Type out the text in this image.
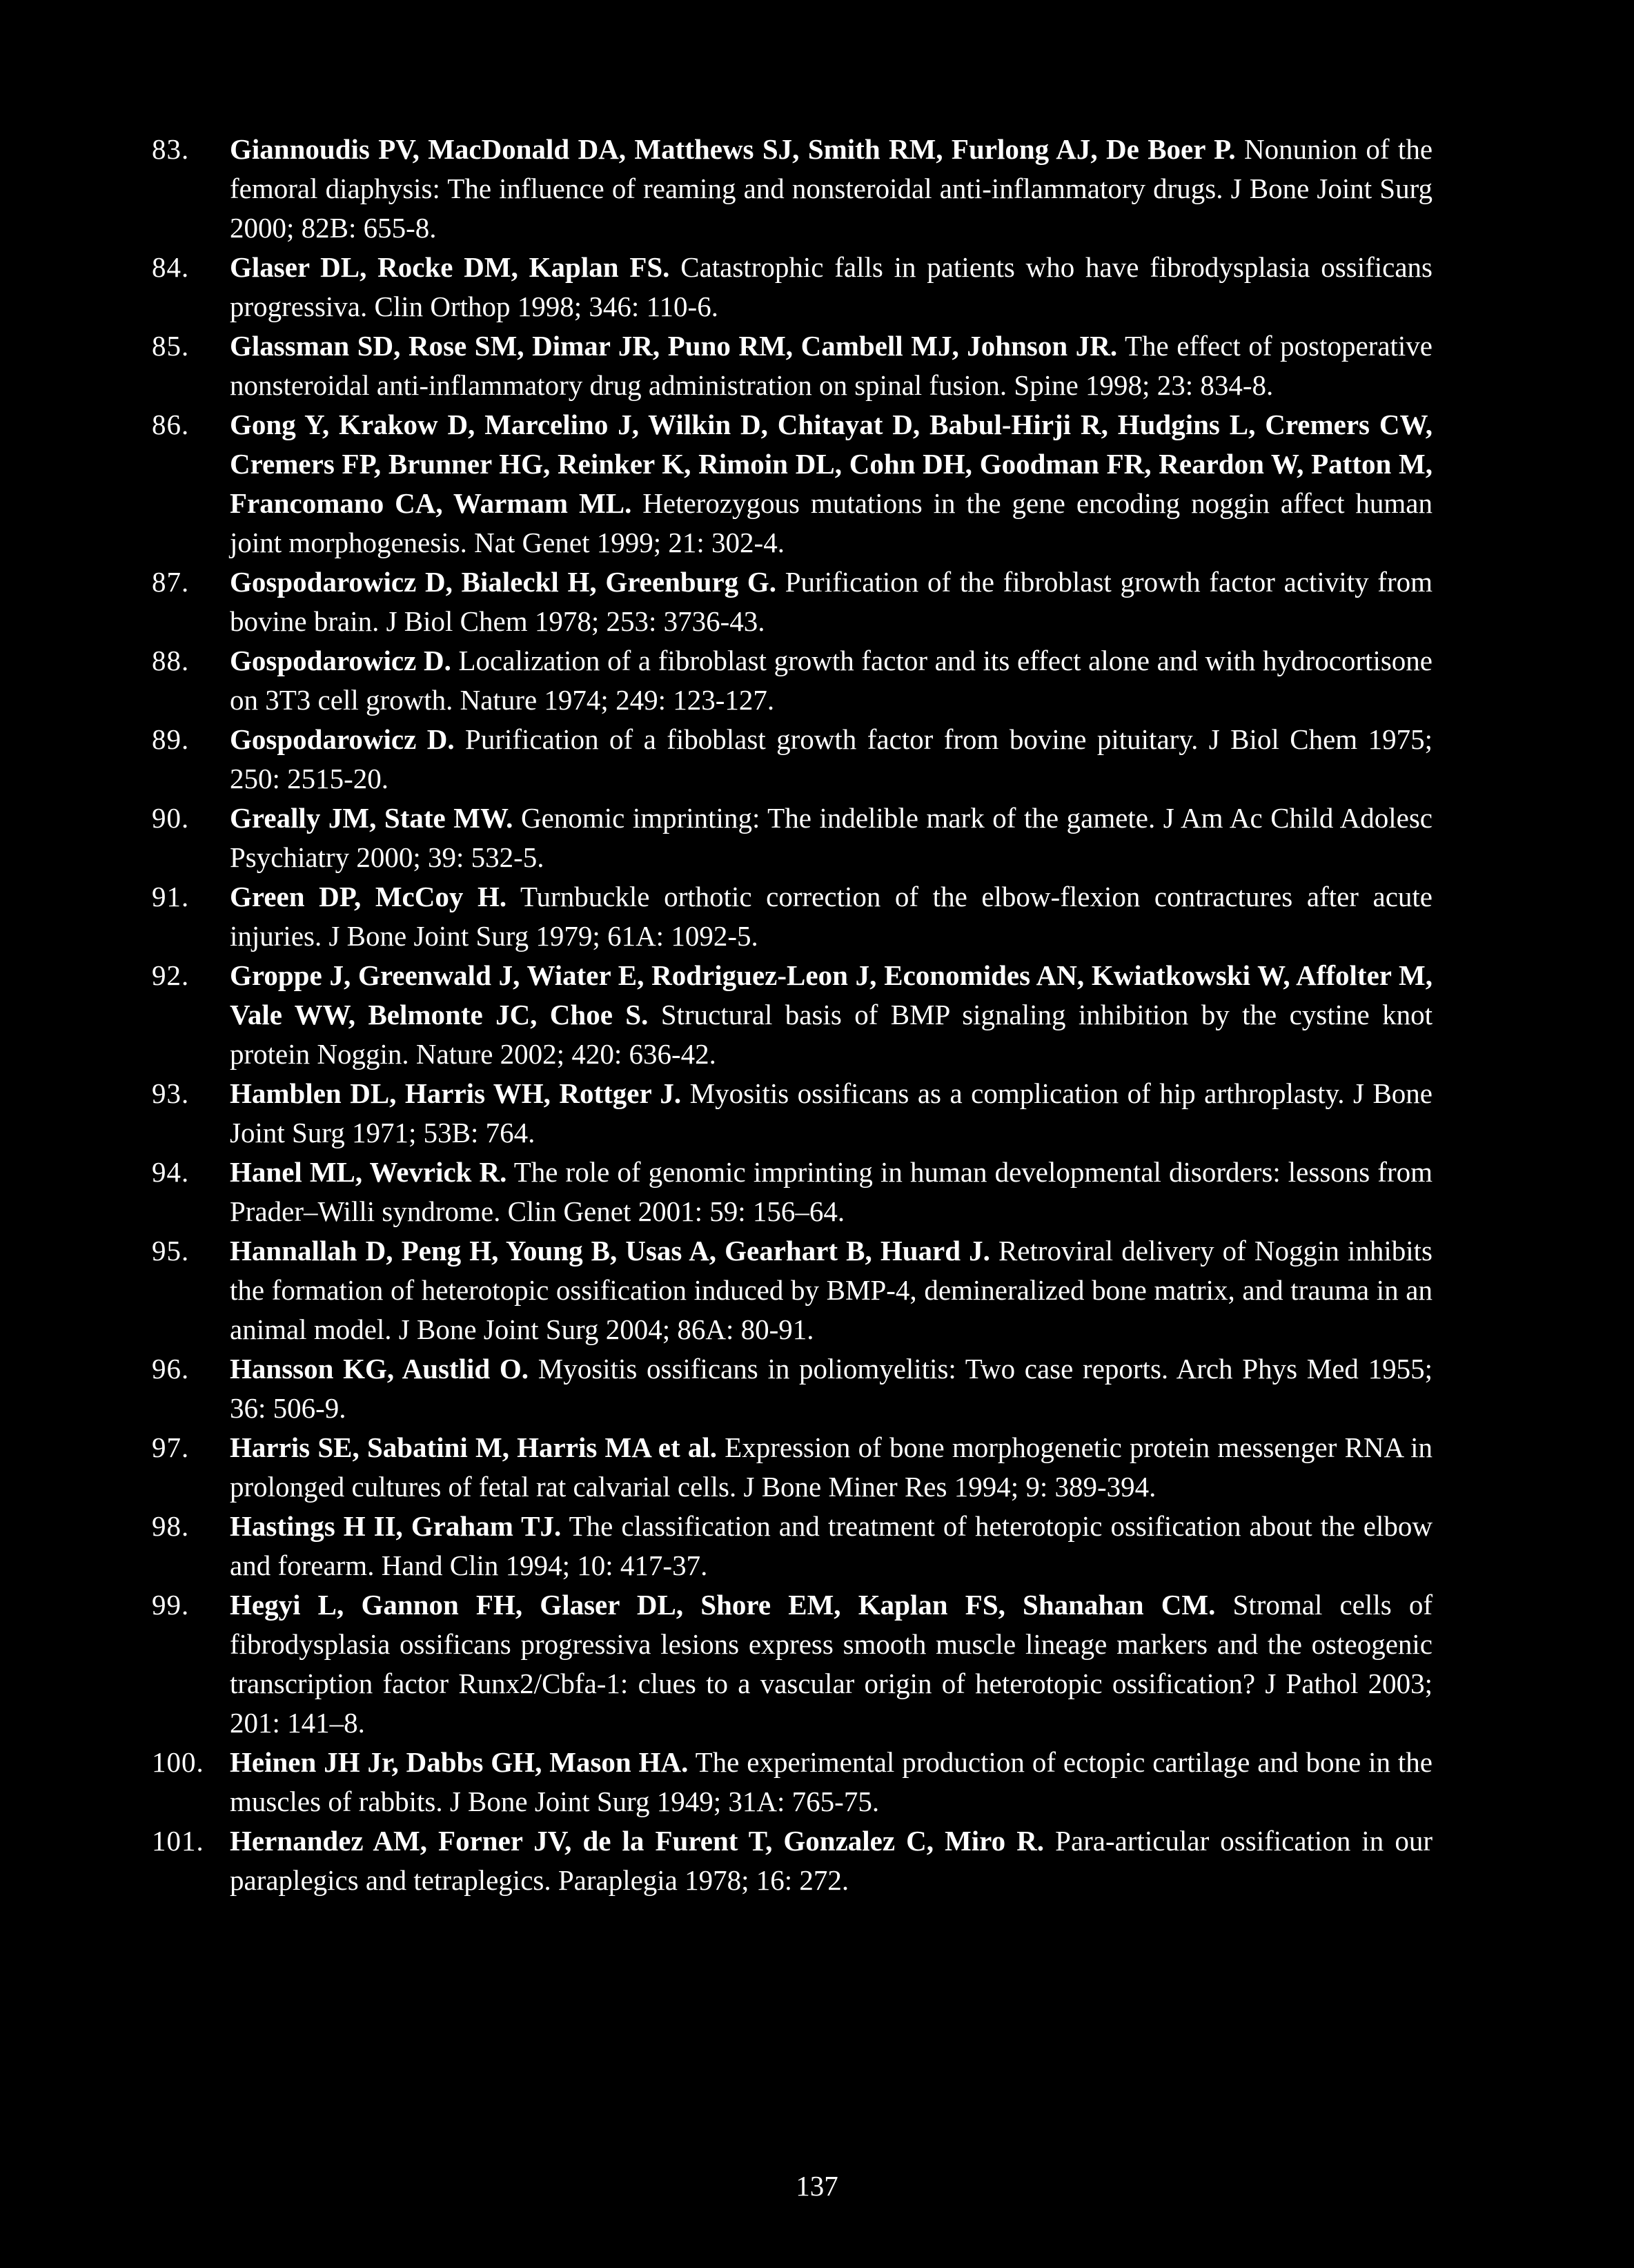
83.	Giannoudis PV, MacDonald DA, Matthews SJ, Smith RM, Furlong AJ, De Boer P. Nonunion of the femoral diaphysis: The influence of reaming and nonsteroidal anti-inflammatory drugs. J Bone Joint Surg 2000; 82B: 655-8.
84.	Glaser DL, Rocke DM, Kaplan FS. Catastrophic falls in patients who have fibrodysplasia ossificans progressiva. Clin Orthop 1998; 346: 110-6.
85.	Glassman SD, Rose SM, Dimar JR, Puno RM, Cambell MJ, Johnson JR. The effect of postoperative nonsteroidal anti-inflammatory drug administration on spinal fusion. Spine 1998; 23: 834-8.
86.	Gong Y, Krakow D, Marcelino J, Wilkin D, Chitayat D, Babul-Hirji R, Hudgins L, Cremers CW, Cremers FP, Brunner HG, Reinker K, Rimoin DL, Cohn DH, Goodman FR, Reardon W, Patton M, Francomano CA, Warmam ML. Heterozygous mutations in the gene encoding noggin affect human joint morphogenesis. Nat Genet 1999; 21: 302-4.
87.	Gospodarowicz D, Bialeckl H, Greenburg G. Purification of the fibroblast growth factor activity from bovine brain. J Biol Chem 1978; 253: 3736-43.
88.	Gospodarowicz D. Localization of a fibroblast growth factor and its effect alone and with hydrocortisone on 3T3 cell growth. Nature 1974; 249: 123-127.
89.	Gospodarowicz D. Purification of a fiboblast growth factor from bovine pituitary. J Biol Chem 1975; 250: 2515-20.
90.	Greally JM, State MW. Genomic imprinting: The indelible mark of the gamete. J Am Ac Child Adolesc Psychiatry 2000; 39: 532-5.
91.	Green DP, McCoy H. Turnbuckle orthotic correction of the elbow-flexion contractures after acute injuries. J Bone Joint Surg 1979; 61A: 1092-5.
92.	Groppe J, Greenwald J, Wiater E, Rodriguez-Leon J, Economides AN, Kwiatkowski W, Affolter M, Vale WW, Belmonte JC, Choe S. Structural basis of BMP signaling inhibition by the cystine knot protein Noggin. Nature 2002; 420: 636-42.
93.	Hamblen DL, Harris WH, Rottger J. Myositis ossificans as a complication of hip arthroplasty. J Bone Joint Surg 1971; 53B: 764.
94.	Hanel ML, Wevrick R. The role of genomic imprinting in human developmental disorders: lessons from Prader–Willi syndrome. Clin Genet 2001: 59: 156–64.
95.	Hannallah D, Peng H, Young B, Usas A, Gearhart B, Huard J. Retroviral delivery of Noggin inhibits the formation of heterotopic ossification induced by BMP-4, demineralized bone matrix, and trauma in an animal model. J Bone Joint Surg 2004; 86A: 80-91.
96.	Hansson KG, Austlid O. Myositis ossificans in poliomyelitis: Two case reports. Arch Phys Med 1955; 36: 506-9.
97.	Harris SE, Sabatini M, Harris MA et al. Expression of bone morphogenetic protein messenger RNA in prolonged cultures of fetal rat calvarial cells. J Bone Miner Res 1994; 9: 389-394.
98.	Hastings H II, Graham TJ. The classification and treatment of heterotopic ossification about the elbow and forearm. Hand Clin 1994; 10: 417-37.
99.	Hegyi L, Gannon FH, Glaser DL, Shore EM, Kaplan FS, Shanahan CM. Stromal cells of fibrodysplasia ossificans progressiva lesions express smooth muscle lineage markers and the osteogenic transcription factor Runx2/Cbfa-1: clues to a vascular origin of heterotopic ossification? J Pathol 2003; 201: 141–8.
100. Heinen JH Jr, Dabbs GH, Mason HA. The experimental production of ectopic cartilage and bone in the muscles of rabbits. J Bone Joint Surg 1949; 31A: 765-75.
101. Hernandez AM, Forner JV, de la Furent T, Gonzalez C, Miro R. Para-articular ossification in our paraplegics and tetraplegics. Paraplegia 1978; 16: 272.
137
